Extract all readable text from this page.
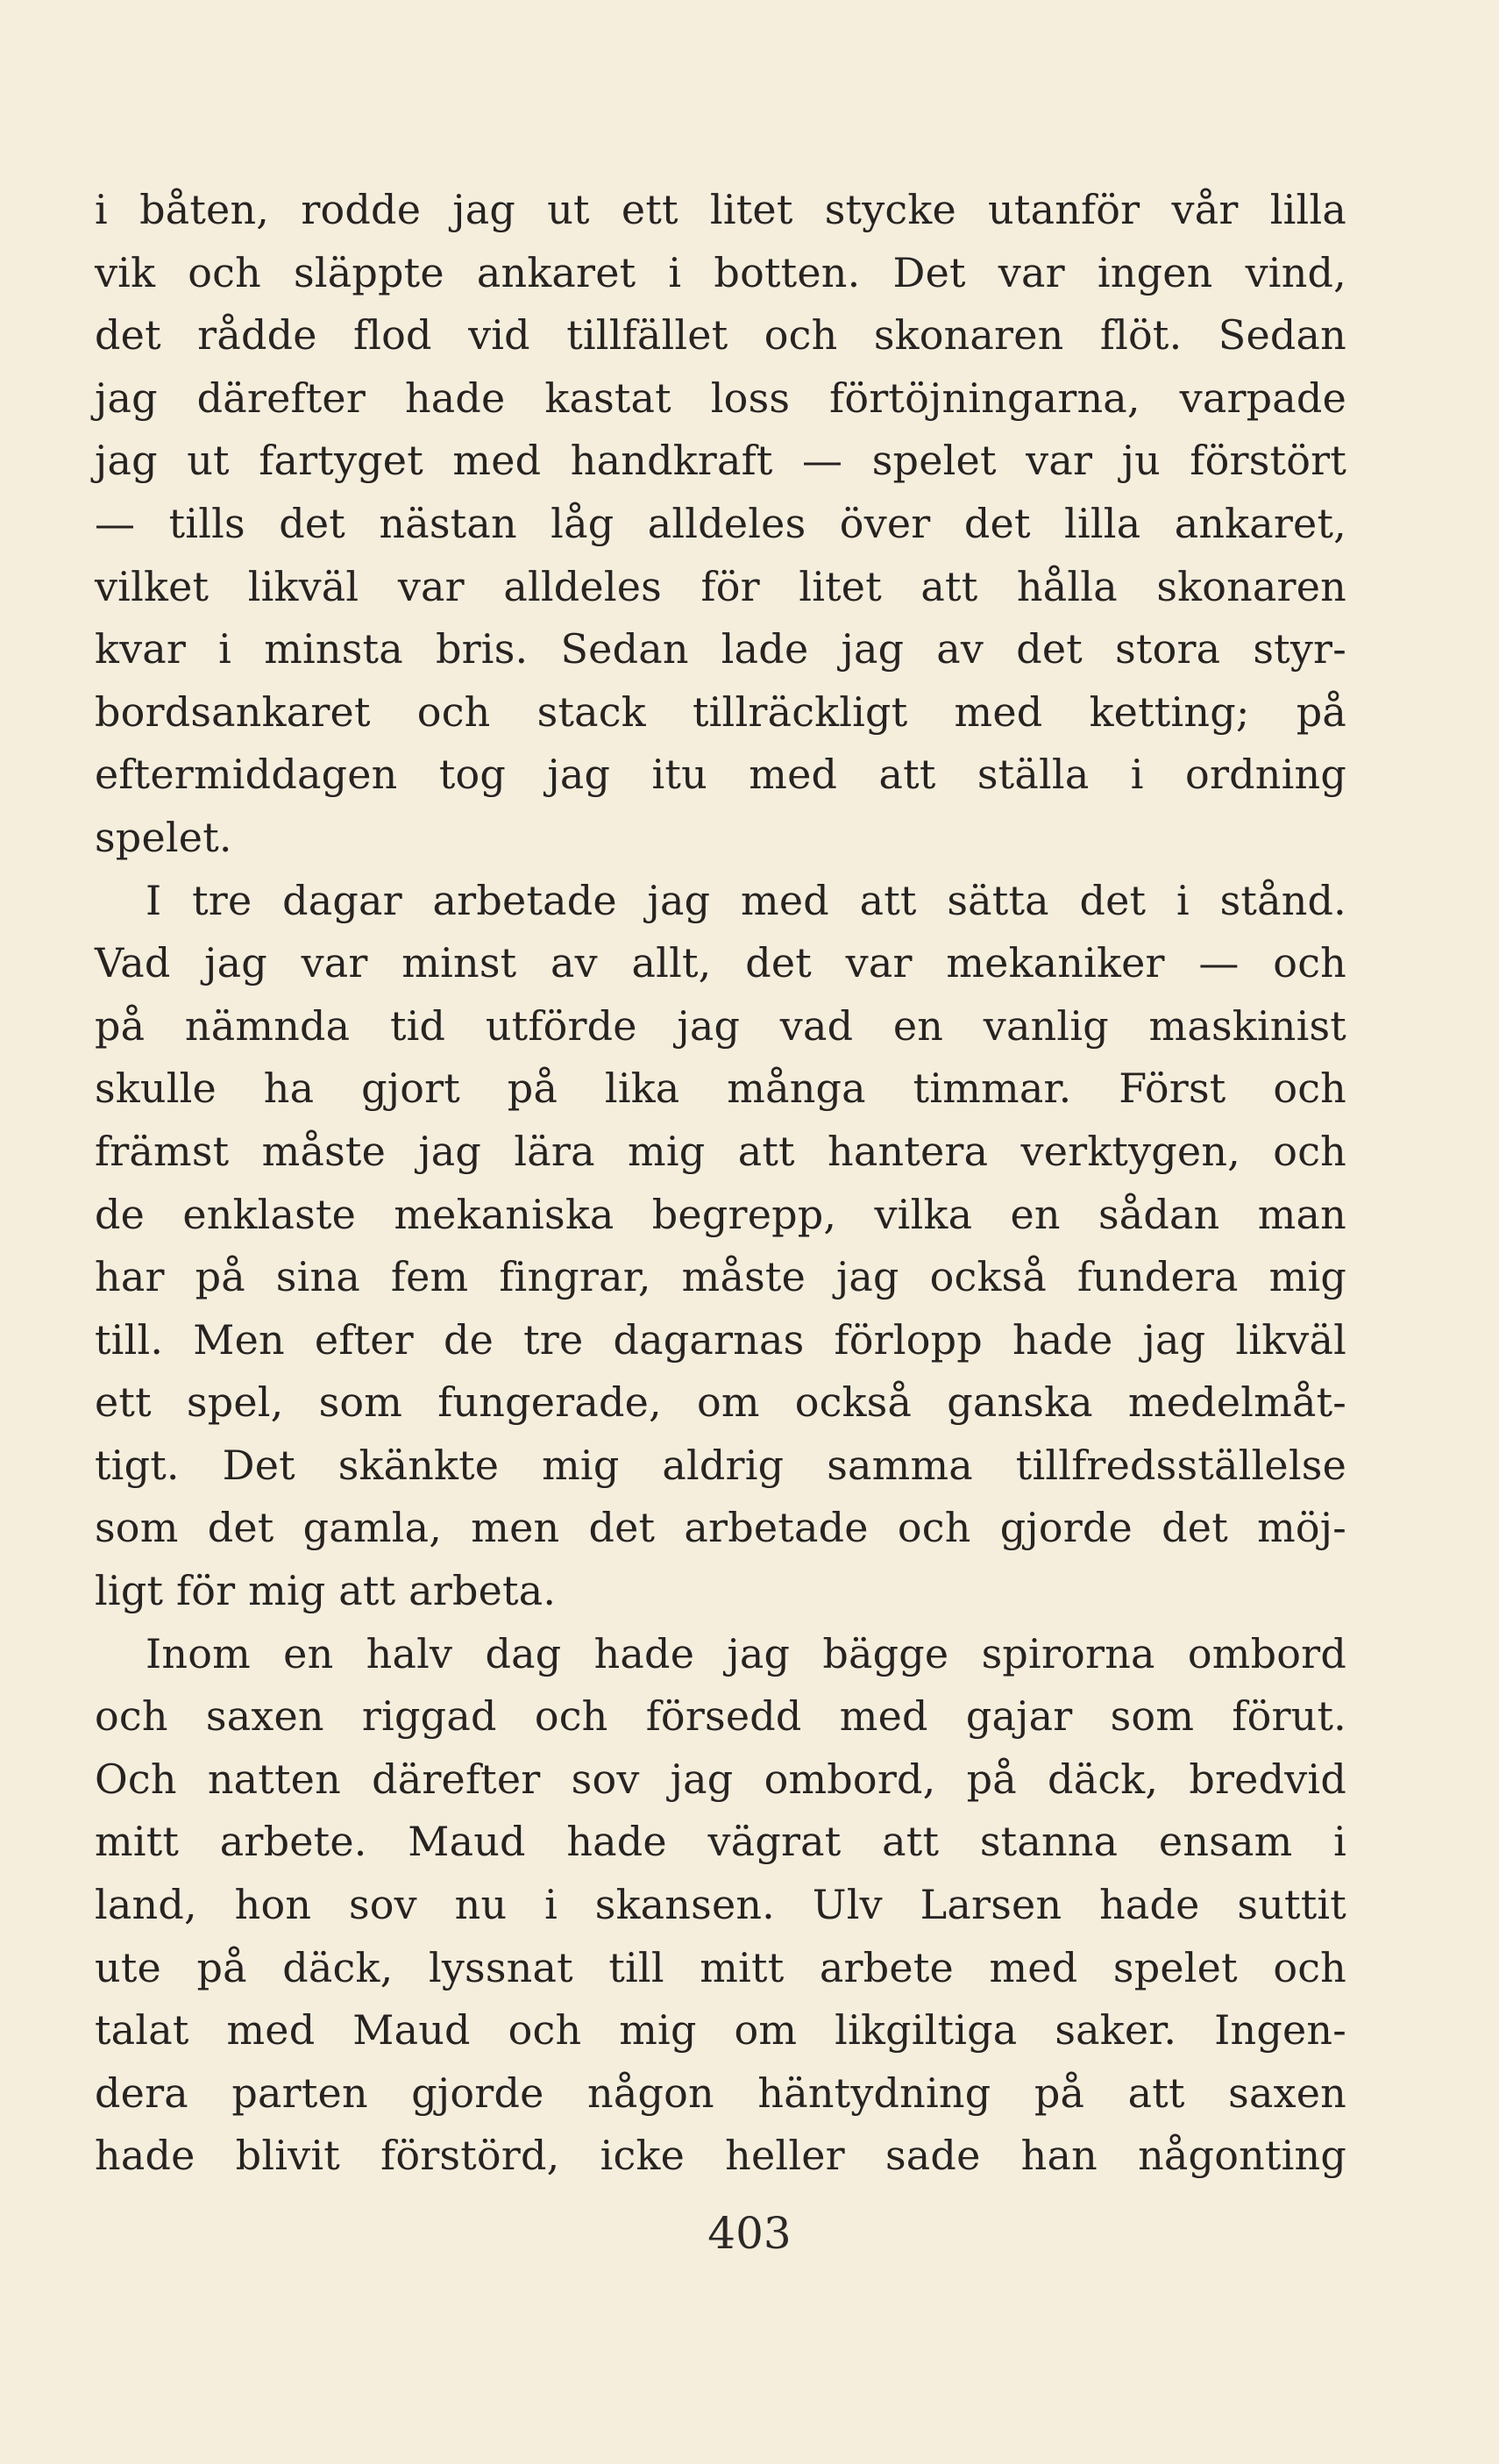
i båten, rodde jag ut ett litet stycke utanför vår lilla
vik och släppte ankaret i botten. Det var ingen vind,
det rådde flod vid tillfället och skonaren flöt. Sedan
jag därefter hade kastat loss förtöjningarna, varpade
jag ut fartyget med handkraft — spelet var ju förstört
— tills det nästan låg alldeles över det lilla ankaret,
vilket likväl var alldeles för litet att hålla skonaren
kvar i minsta bris. Sedan lade jag av det stora styr-
bordsankaret och stack tillräckligt med ketting; på
eftermiddagen tog jag itu med att ställa i ordning
spelet.
I tre dagar arbetade jag med att sätta det i stånd.
Vad jag var minst av allt, det var mekaniker — och
på nämnda tid utförde jag vad en vanlig maskinist
skulle ha gjort på lika många timmar. Först och
främst måste jag lära mig att hantera verktygen, och
de enklaste mekaniska begrepp, vilka en sådan man
har på sina fem fingrar, måste jag också fundera mig
till. Men efter de tre dagarnas förlopp hade jag likväl
ett spel, som fungerade, om också ganska medelmåt-
tigt. Det skänkte mig aldrig samma tillfredsställelse
som det gamla, men det arbetade och gjorde det möj-
ligt för mig att arbeta.
Inom en halv dag hade jag bägge spirorna ombord
och saxen riggad och försedd med gajar som förut.
Och natten därefter sov jag ombord, på däck, bredvid
mitt arbete. Maud hade vägrat att stanna ensam i
land, hon sov nu i skansen. Ulv Larsen hade suttit
ute på däck, lyssnat till mitt arbete med spelet och
talat med Maud och mig om likgiltiga saker. Ingen-
dera parten gjorde någon häntydning på att saxen
hade blivit förstörd, icke heller sade han någonting
403
